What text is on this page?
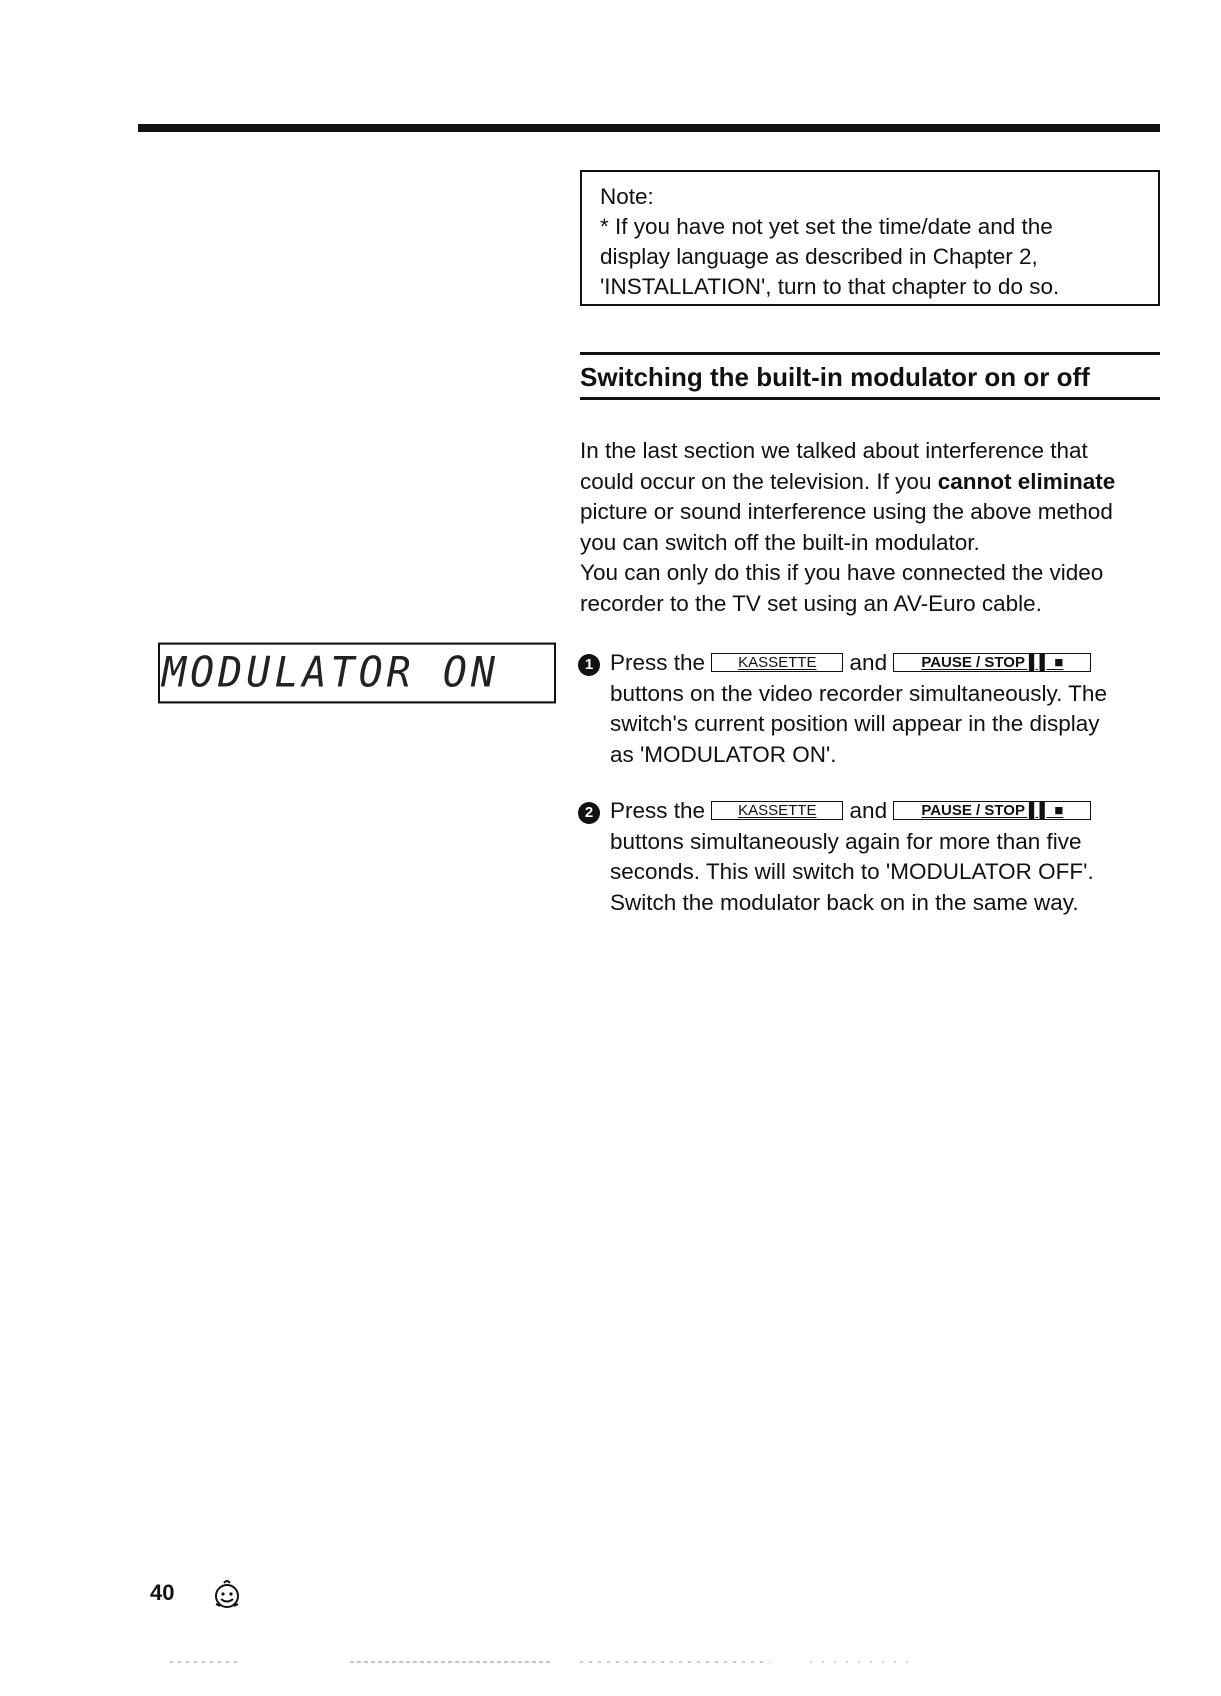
Note:
* If you have not yet set the time/date and the
display language as described in Chapter 2,
'INSTALLATION', turn to that chapter to do so.
Switching the built-in modulator on or off
In the last section we talked about interference that
could occur on the television. If you cannot eliminate
picture or sound interference using the above method
you can switch off the built-in modulator.
You can only do this if you have connected the video
recorder to the TV set using an AV-Euro cable.
MODULATOR ON	1 Press the KASSETTE and PAUSE / STOP ▌▌ ■
buttons on the video recorder simultaneously. The
switch's current position will appear in the display
as 'MODULATOR ON'.
2 Press the KASSETTE and PAUSE / STOP ▌▌ ■
buttons simultaneously again for more than five
seconds. This will switch to 'MODULATOR OFF'.
Switch the modulator back on in the same way.
40
